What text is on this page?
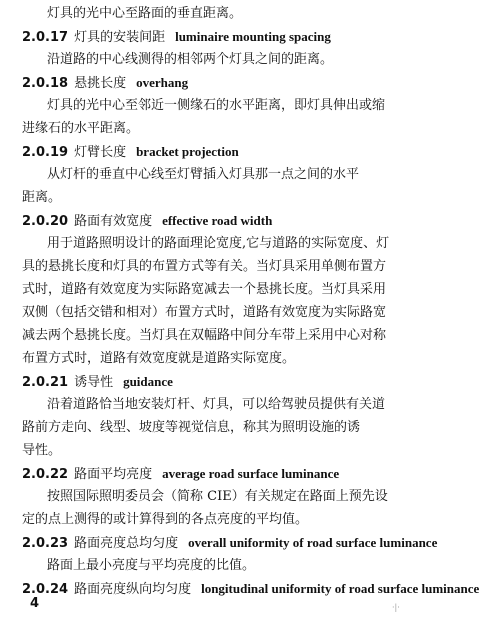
灯具的光中心至路面的垂直距离。
2.0.17 灯具的安装间距 luminaire mounting spacing
沿道路的中心线测得的相邻两个灯具之间的距离。
2.0.18 悬挑长度 overhang
灯具的光中心至邻近一侧缘石的水平距离，即灯具伸出或缩
进缘石的水平距离。
2.0.19 灯臂长度 bracket projection
从灯杆的垂直中心线至灯臂插入灯具那一点之间的水平
距离。
2.0.20 路面有效宽度 effective road width
用于道路照明设计的路面理论宽度,它与道路的实际宽度、灯
具的悬挑长度和灯具的布置方式等有关。当灯具采用单侧布置方
式时，道路有效宽度为实际路宽减去一个悬挑长度。当灯具采用
双侧（包括交错和相对）布置方式时，道路有效宽度为实际路宽
减去两个悬挑长度。当灯具在双幅路中间分车带上采用中心对称
布置方式时，道路有效宽度就是道路实际宽度。
2.0.21 诱导性 guidance
沿着道路恰当地安装灯杆、灯具，可以给驾驶员提供有关道
路前方走向、线型、坡度等视觉信息，称其为照明设施的诱
导性。
2.0.22 路面平均亮度 average road surface luminance
按照国际照明委员会（简称 CIE）有关规定在路面上预先设
定的点上测得的或计算得到的各点亮度的平均值。
2.0.23 路面亮度总均匀度 overall uniformity of road surface luminance
路面上最小亮度与平均亮度的比值。
2.0.24 路面亮度纵向均匀度 longitudinal uniformity of road surface luminance
4	·|·
